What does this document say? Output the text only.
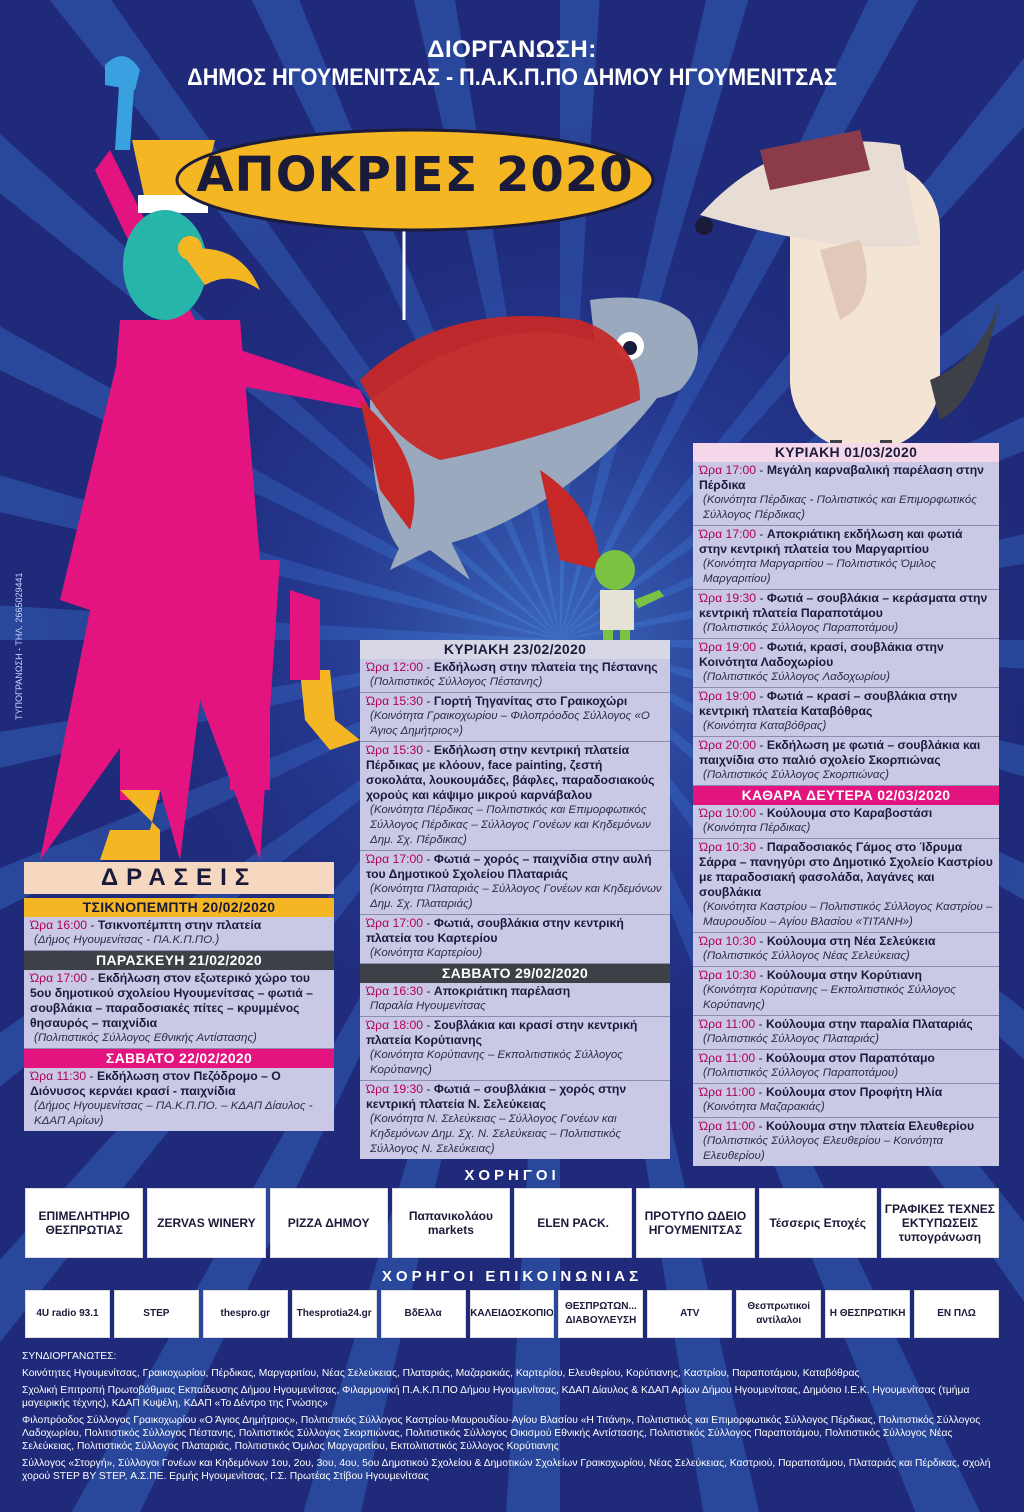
ΔΙΟΡΓΑΝΩΣΗ:
ΔΗΜΟΣ ΗΓΟΥΜΕΝΙΤΣΑΣ - Π.Α.Κ.Π.ΠΟ ΔΗΜΟΥ ΗΓΟΥΜΕΝΙΤΣΑΣ
ΑΠΟΚΡΙΕΣ 2020
ΤΥΠΟΓΡΑΝΩΣΗ - ΤΗΛ. 2665029441
ΔΡΑΣΕΙΣ
ΤΣΙΚΝΟΠΕΜΠΤΗ 20/02/2020
Ώρα 16:00 - Τσικνοπέμπτη στην πλατεία
(Δήμος Ηγουμενίτσας - ΠΑ.Κ.Π.ΠΟ.)
ΠΑΡΑΣΚΕΥΗ 21/02/2020
Ώρα 17:00 - Εκδήλωση στον εξωτερικό χώρο του 5ου δημοτικού σχολείου Ηγουμενίτσας – φωτιά – σουβλάκια – παραδοσιακές πίτες – κρυμμένος θησαυρός – παιχνίδια
(Πολιτιστικός Σύλλογος Εθνικής Αντίστασης)
ΣΑΒΒΑΤΟ 22/02/2020
Ώρα 11:30 - Εκδήλωση στον Πεζόδρομο – Ο Διόνυσος κερνάει κρασί - παιχνίδια
(Δήμος Ηγουμενίτσας – ΠΑ.Κ.Π.ΠΟ. – ΚΔΑΠ Δίαυλος - ΚΔΑΠ Αρίων)
ΚΥΡΙΑΚΗ 23/02/2020
Ώρα 12:00 - Εκδήλωση στην πλατεία της Πέστανης
(Πολιτιστικός Σύλλογος Πέστανης)
Ώρα 15:30 - Γιορτή Τηγανίτας στο Γραικοχώρι
(Κοινότητα Γραικοχωρίου – Φιλοπρόοδος Σύλλογος «Ο Άγιος Δημήτριος»)
Ώρα 15:30 - Εκδήλωση στην κεντρική πλατεία Πέρδικας με κλόουν, face painting, ζεστή σοκολάτα, λουκουμάδες, βάφλες, παραδοσιακούς χορούς και κάψιμο μικρού καρνάβαλου
(Κοινότητα Πέρδικας – Πολιτιστικός και Επιμορφωτικός Σύλλογος Πέρδικας – Σύλλογος Γονέων και Κηδεμόνων Δημ. Σχ. Πέρδικας)
Ώρα 17:00 - Φωτιά – χορός – παιχνίδια στην αυλή του Δημοτικού Σχολείου Πλαταριάς
(Κοινότητα Πλαταριάς – Σύλλογος Γονέων και Κηδεμόνων Δημ. Σχ. Πλαταριάς)
Ώρα 17:00 - Φωτιά, σουβλάκια στην κεντρική πλατεία του Καρτερίου
(Κοινότητα Καρτερίου)
ΣΑΒΒΑΤΟ 29/02/2020
Ώρα 16:30 - Αποκριάτικη παρέλαση
Παραλία Ηγουμενίτσας
Ώρα 18:00 - Σουβλάκια και κρασί στην κεντρική πλατεία Κορύτιανης
(Κοινότητα Κορύτιανης – Εκπολιτιστικός Σύλλογος Κορύτιανης)
Ώρα 19:30 - Φωτιά – σουβλάκια – χορός στην κεντρική πλατεία Ν. Σελεύκειας
(Κοινότητα Ν. Σελεύκειας – Σύλλογος Γονέων και Κηδεμόνων Δημ. Σχ. Ν. Σελεύκειας – Πολιτιστικός Σύλλογος Ν. Σελεύκειας)
ΚΥΡΙΑΚΗ 01/03/2020
Ώρα 17:00 - Μεγάλη καρναβαλική παρέλαση στην Πέρδικα
(Κοινότητα Πέρδικας - Πολιτιστικός και Επιμορφωτικός Σύλλογος Πέρδικας)
Ώρα 17:00 - Αποκριάτικη εκδήλωση και φωτιά στην κεντρική πλατεία του Μαργαριτίου
(Κοινότητα Μαργαριτίου – Πολιτιστικός Όμιλος Μαργαριτίου)
Ώρα 19:30 - Φωτιά – σουβλάκια – κεράσματα στην κεντρική πλατεία Παραποτάμου
(Πολιτιστικός Σύλλογος Παραποτάμου)
Ώρα 19:00 - Φωτιά, κρασί, σουβλάκια στην Κοινότητα Λαδοχωρίου
(Πολιτιστικός Σύλλογος Λαδοχωρίου)
Ώρα 19:00 - Φωτιά – κρασί – σουβλάκια στην κεντρική πλατεία Καταβόθρας
(Κοινότητα Καταβόθρας)
Ώρα 20:00 - Εκδήλωση με φωτιά – σουβλάκια και παιχνίδια στο παλιό σχολείο Σκορπιώνας
(Πολιτιστικός Σύλλογος Σκορπιώνας)
ΚΑΘΑΡΑ ΔΕΥΤΕΡΑ 02/03/2020
Ώρα 10:00 - Κούλουμα στο Καραβοστάσι
(Κοινότητα Πέρδικας)
Ώρα 10:30 - Παραδοσιακός Γάμος στο Ίδρυμα Σάρρα – πανηγύρι στο Δημοτικό Σχολείο Καστρίου με παραδοσιακή φασολάδα, λαγάνες και σουβλάκια
(Κοινότητα Καστρίου – Πολιτιστικός Σύλλογος Καστρίου – Μαυρουδίου – Αγίου Βλασίου «ΤΙΤΑΝΗ»)
Ώρα 10:30 - Κούλουμα στη Νέα Σελεύκεια
(Πολιτιστικός Σύλλογος Νέας Σελεύκειας)
Ώρα 10:30 - Κούλουμα στην Κορύτιανη
(Κοινότητα Κορύτιανης – Εκπολιτιστικός Σύλλογος Κορύτιανης)
Ώρα 11:00 - Κούλουμα στην παραλία Πλαταριάς
(Πολιτιστικός Σύλλογος Πλαταριάς)
Ώρα 11:00 - Κούλουμα στον Παραπόταμο
(Πολιτιστικός Σύλλογος Παραποτάμου)
Ώρα 11:00 - Κούλουμα στον Προφήτη Ηλία
(Κοινότητα Μαζαρακιάς)
Ώρα 11:00 - Κούλουμα στην πλατεία Ελευθερίου
(Πολιτιστικός Σύλλογος Ελευθερίου – Κοινότητα Ελευθερίου)
ΧΟΡΗΓΟΙ
ΕΠΙΜΕΛΗΤΗΡΙΟ ΘΕΣΠΡΩΤΙΑΣ	ZERVAS WINERY	PIZZA ΔΗΜΟΥ	Παπανικολάου markets	ELEN PACK.	ΠΡΟΤΥΠΟ ΩΔΕΙΟ ΗΓΟΥΜΕΝΙΤΣΑΣ	Τέσσερις Εποχές
ΓΡΑΦΙΚΕΣ ΤΕΧΝΕΣ ΕΚΤΥΠΩΣΕΙΣ τυπογράνωση
ΧΟΡΗΓΟΙ ΕΠΙΚΟΙΝΩΝΙΑΣ
4U radio 93.1	STEP	thespro.gr	Thesprotia24.gr	ΒδΕλλα	ΚΑΛΕΙΔΟΣΚΟΠΙΟ
ΘΕΣΠΡΩΤΩΝ... ΔΙΑΒΟΥΛΕΥΣΗ
ATV
Θεσπρωτικοί αντίλαλοι
Η ΘΕΣΠΡΩΤΙΚΗ	ΕΝ ΠΛΩ

ΣΥΝΔΙΟΡΓΑΝΩΤΕΣ:

Κοινότητες Ηγουμενίτσας, Γραικοχωρίου, Πέρδικας, Μαργαριτίου, Νέας Σελεύκειας, Πλαταριάς, Μαζαρακιάς, Καρτερίου, Ελευθερίου, Κορύτιανης, Καστρίου, Παραποτάμου, Καταβόθρας

Σχολική Επιτροπή Πρωτοβάθμιας Εκπαίδευσης Δήμου Ηγουμενίτσας, Φιλαρμονική Π.Α.Κ.Π.ΠΟ Δήμου Ηγουμενίτσας, ΚΔΑΠ Δίαυλος & ΚΔΑΠ Αρίων Δήμου Ηγουμενίτσας, Δημόσιο Ι.Ε.Κ. Ηγουμενίτσας (τμήμα μαγειρικής τέχνης), ΚΔΑΠ Κυψέλη, ΚΔΑΠ «Το Δέντρο της Γνώσης»

Φιλοπρόοδος Σύλλογος Γραικοχωρίου «Ο Άγιος Δημήτριος», Πολιτιστικός Σύλλογος Καστρίου-Μαυρουδίου-Αγίου Βλασίου «Η Τιτάνη», Πολιτιστικός και Επιμορφωτικός Σύλλογος Πέρδικας, Πολιτιστικός Σύλλογος Λαδοχωρίου, Πολιτιστικός Σύλλογος Πέστανης, Πολιτιστικός Σύλλογος Σκορπιώνας, Πολιτιστικός Σύλλογος Οικισμού Εθνικής Αντίστασης, Πολιτιστικός Σύλλογος Παραποτάμου, Πολιτιστικός Σύλλογος Νέας Σελεύκειας, Πολιτιστικός Σύλλογος Πλαταριάς, Πολιτιστικός Όμιλος Μαργαριτίου, Εκπολιτιστικός Σύλλογος Κορύτιανης

Σύλλογος «Στοργή», Σύλλογοι Γονέων και Κηδεμόνων 1ου, 2ου, 3ου, 4ου, 5ου Δημοτικού Σχολείου & Δημοτικών Σχολείων Γραικοχωρίου, Νέας Σελεύκειας, Καστριού, Παραποτάμου, Πλαταριάς και Πέρδικας, σχολή χορού STEP BY STEP, Α.Σ.ΠΕ. Ερμής Ηγουμενίτσας, Γ.Σ. Πρωτέας Στίβου Ηγουμενίτσας
